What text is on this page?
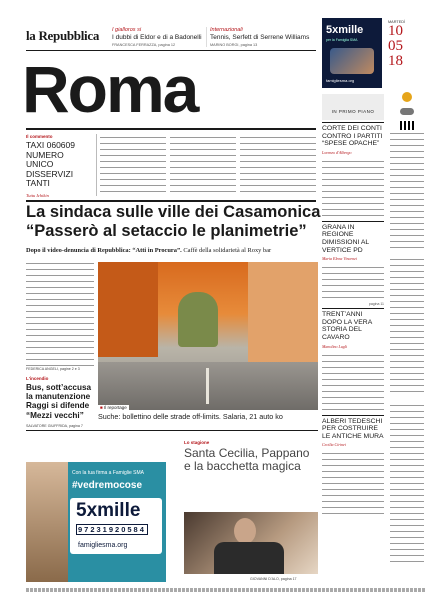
la Repubblica I gialloros si
I dubbi di Eldor e di a Badonelli
FRANCESCA FERRAZZA, pagina 12
Internazionali
Tennis, Serfett di Serrene Williams
MARINO BORGI, pagina 13
5xmille
per la Famiglia SMA
famigliesma.org
MARTEDÌ
10
05
18
Roma
Il commento
TAXI 060609 NUMERO UNICO DISSERVIZI TANTI
Tuttu Ichikin
La sindaca sulle ville dei Casamonica
“Passerò al setaccio le planimetrie”
Dopo il video-denuncia di Repubblica: “Atti in Procura”. Caffè della solidarietà al Roxy bar
FEDERICA ANGELI, pagine 2 e 3
■ Il reportage
Suche: bollettino delle strade off-limits. Salaria, 21 auto ko
L'incendio
Bus, sott’accusa la manutenzione Raggi si difende “Mezzi vecchi”
SALVATORE GIUFFRIDA, pagina 7
Con la tua firma a Famiglie SMA
#vedremocose
5xmille
97231920584
famigliesma.org
Lo stagione
Santa Cecilia, Pappano e la bacchetta magica
GIOVANNI D'ALO, pagina 17
IN PRIMO PIANO
CORTE DEI CONTI CONTRO I PARTITI “SPESE OPACHE”
Lorenzo d'Albergo
GRANA IN REGIONE DIMISSIONI AL VERTICE PD
Maria Elena Vincenzi
pagina 11
TRENT’ANNI DOPO LA VERA STORIA DEL CAVARO
Manolino Lugli
ALBERI TEDESCHI PER COSTRUIRE LE ANTICHE MURA
Cecilia Cirinei
